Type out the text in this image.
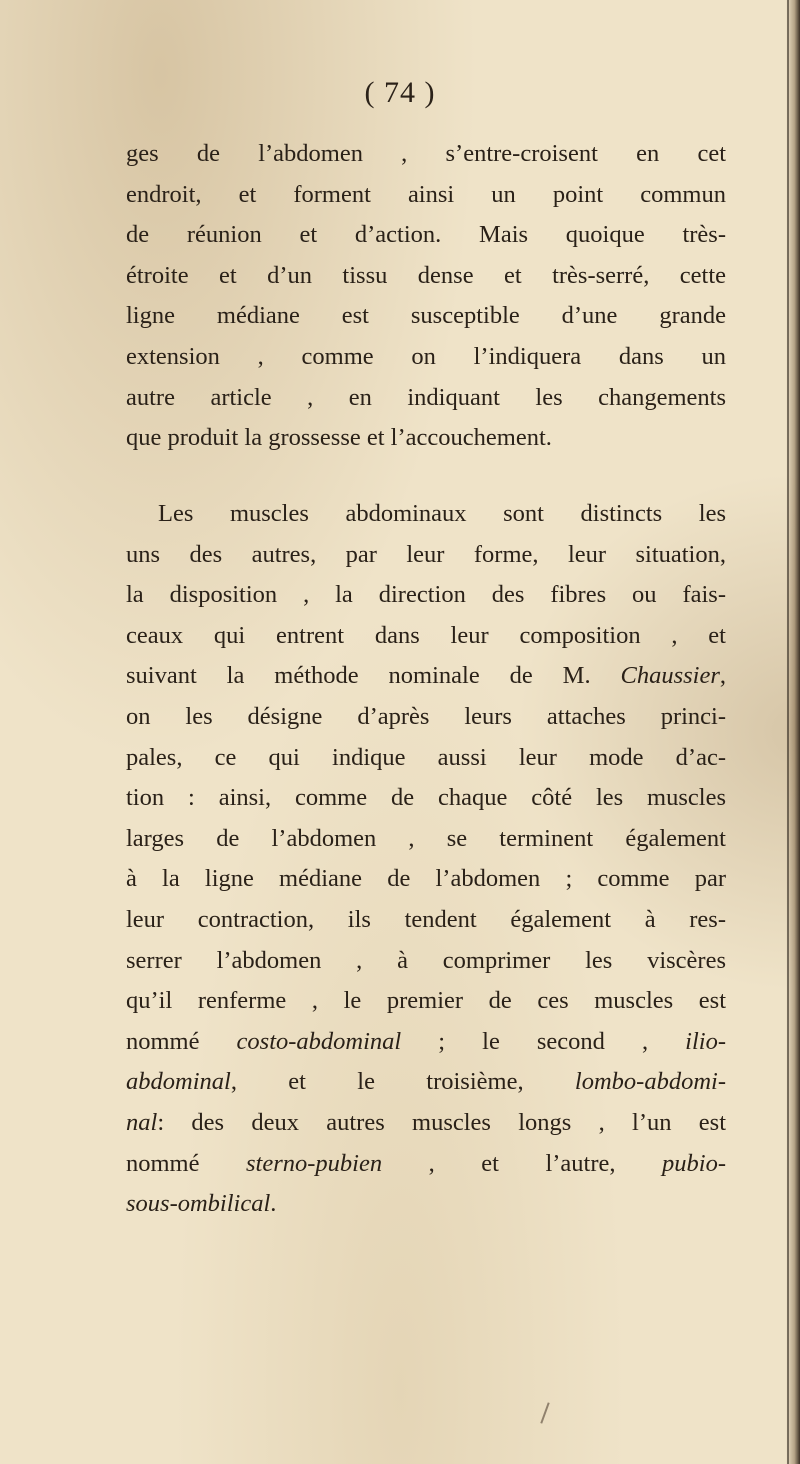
( 74 )
ges de l’abdomen , s’entre-croisent en cet
endroit, et forment ainsi un point commun
de réunion et d’action. Mais quoique très-
étroite et d’un tissu dense et très-serré, cette
ligne médiane est susceptible d’une grande
extension , comme on l’indiquera dans un
autre article , en indiquant les changements
que produit la grossesse et l’accouchement.
Les muscles abdominaux sont distincts les
uns des autres, par leur forme, leur situation,
la disposition , la direction des fibres ou fais-
ceaux qui entrent dans leur composition , et
suivant la méthode nominale de M. Chaussier,
on les désigne d’après leurs attaches princi-
pales, ce qui indique aussi leur mode d’ac-
tion : ainsi, comme de chaque côté les muscles
larges de l’abdomen , se terminent également
à la ligne médiane de l’abdomen ; comme par
leur contraction, ils tendent également à res-
serrer l’abdomen , à comprimer les viscères
qu’il renferme , le premier de ces muscles est
nommé costo-abdominal ; le second , ilio-
abdominal, et le troisième, lombo-abdomi-
nal: des deux autres muscles longs , l’un est
nommé sterno-pubien , et l’autre, pubio-
sous-ombilical.
